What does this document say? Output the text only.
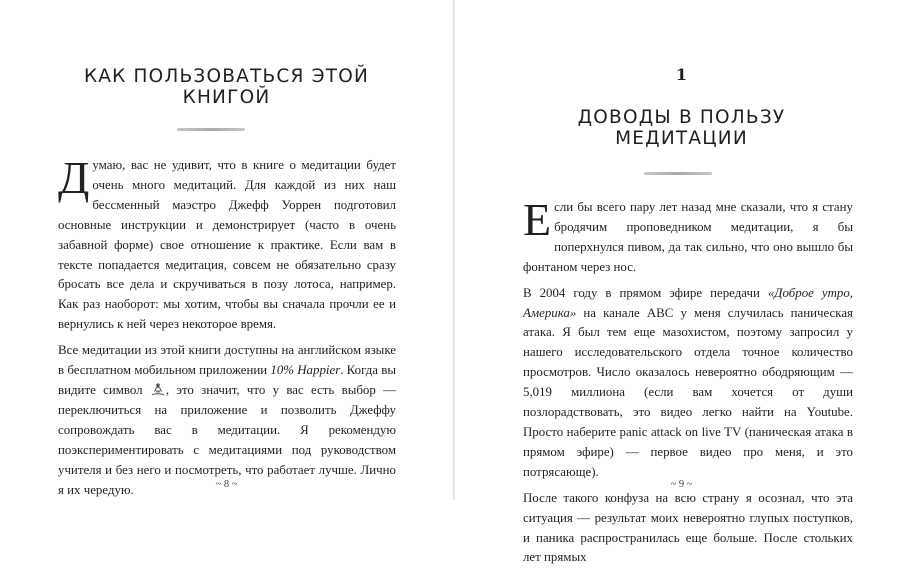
КАК ПОЛЬЗОВАТЬСЯ ЭТОЙ
КНИГОЙ

Думаю, вас не удивит, что в книге о медитации будет очень много медитаций. Для каждой из них наш бессменный маэстро Джефф Уоррен подготовил основные инструкции и демонстрирует (часто в очень забавной форме) свое отношение к практике. Если вам в тексте попадается медитация, совсем не обязательно сразу бросать все дела и скручиваться в позу лотоса, например. Как раз наоборот: мы хотим, чтобы вы сначала прочли ее и вернулись к ней через некоторое время.

Все медитации из этой книги доступны на английском языке в бесплатном мобильном приложении 10% Happier. Когда вы видите символ , это значит, что у вас есть выбор — переключиться на приложение и позволить Джеффу сопровождать вас в медитации. Я рекомендую поэкспериментировать с медитациями под руководством учителя и без него и посмотреть, что работает лучше. Лично я их чередую.	~ 8 ~
1
ДОВОДЫ В ПОЛЬЗУ
МЕДИТАЦИИ

Если бы всего пару лет назад мне сказали, что я стану бродячим проповедником медитации, я бы поперхнулся пивом, да так сильно, что оно вышло бы фонтаном через нос.

В 2004 году в прямом эфире передачи «Доброе утро, Америка» на канале ABC у меня случилась паническая атака. Я был тем еще мазохистом, поэтому запросил у нашего исследовательского отдела точное количество просмотров. Число оказалось невероятно ободряющим — 5,019 миллиона (если вам хочется от души позлорадствовать, это видео легко найти на Youtube. Просто наберите panic attack on live TV (паническая атака в прямом эфире) — первое видео про меня, и это потрясающе).

После такого конфуза на всю страну я осознал, что эта ситуация — результат моих невероятно глупых поступков, и паника распространилась еще больше. После стольких лет прямых

~ 9 ~
